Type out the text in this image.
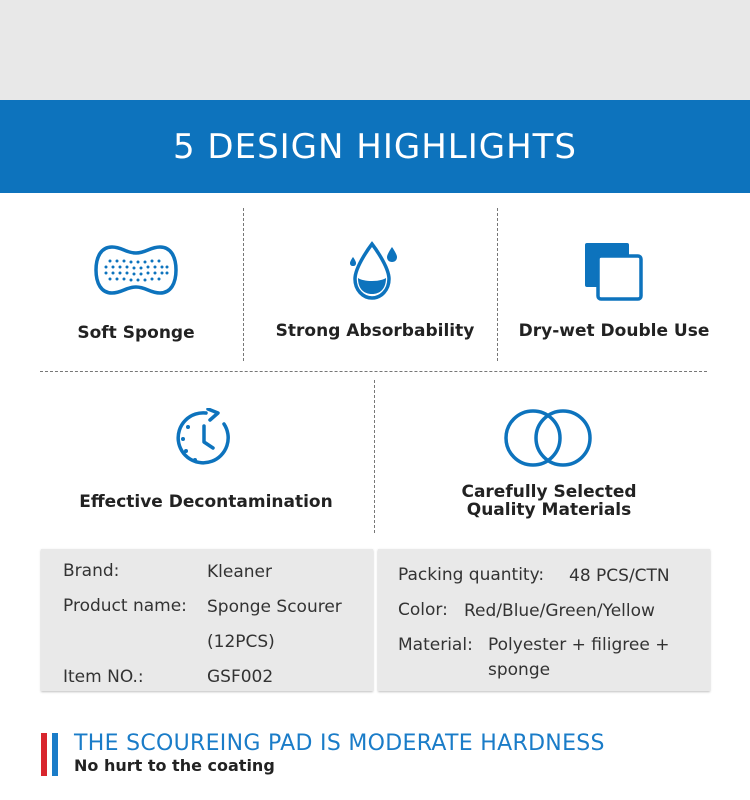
5 DESIGN HIGHLIGHTS
Soft Sponge	Strong Absorbability	Dry-wet Double Use
Effective Decontamination	Carefully Selected
Quality Materials
Brand:	Kleaner
Product name: Sponge Scourer
(12PCS)
Item NO.:	GSF002
Packing quantity: 48 PCS/CTN
Color: Red/Blue/Green/Yellow
Material: Polyester + filigree +
sponge
THE SCOUREING PAD IS MODERATE HARDNESS
No hurt to the coating
